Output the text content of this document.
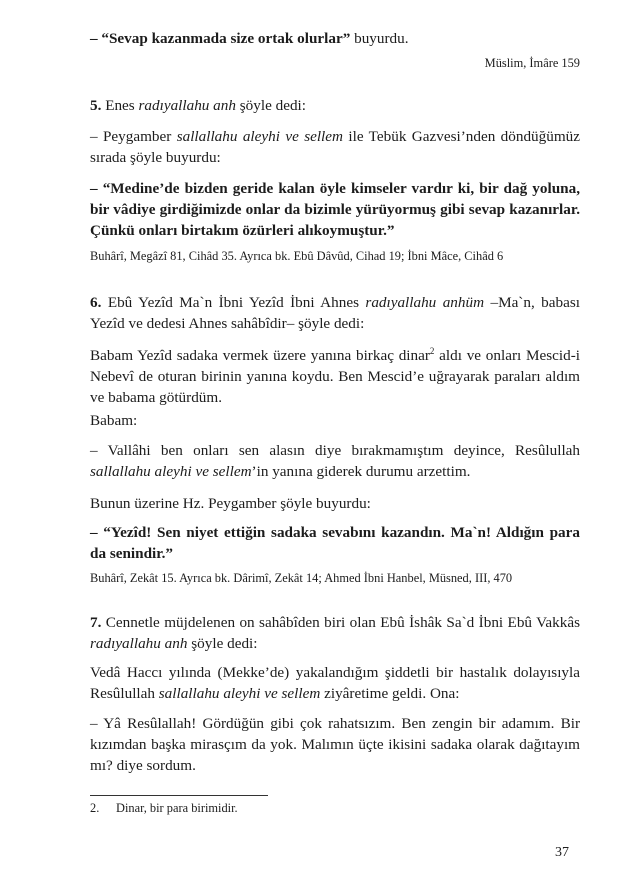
– “Sevap kazanmada size ortak olurlar” buyurdu.

Müslim, İmâre 159

5. Enes radıyallahu anh şöyle dedi:

– Peygamber sallallahu aleyhi ve sellem ile Tebük Gazvesi’nden döndüğümüz sırada şöyle buyurdu:

– “Medine’de bizden geride kalan öyle kimseler vardır ki, bir dağ yoluna, bir vâdiye girdiğimizde onlar da bizimle yürüyormuş gibi sevap kazanırlar. Çünkü onları birtakım özürleri alıkoymuştur.”

Buhârî, Megâzî 81, Cihâd 35. Ayrıca bk. Ebû Dâvûd, Cihad 19; İbni Mâce, Cihâd 6

6. Ebû Yezîd Ma`n İbni Yezîd İbni Ahnes radıyallahu anhüm –Ma`n, babası Yezîd ve dedesi Ahnes sahâbîdir– şöyle dedi:

Babam Yezîd sadaka vermek üzere yanına birkaç dinar$^2$ aldı ve onları Mescid-i Nebevî de oturan birinin yanına koydu. Ben Mescid’e uğrayarak paraları aldım ve babama götürdüm.

Babam:

– Vallâhi ben onları sen alasın diye bırakmamıştım deyince, Resûlullah sallallahu aleyhi ve sellem’in yanına giderek durumu arzettim.

Bunun üzerine Hz. Peygamber şöyle buyurdu:

– “Yezîd! Sen niyet ettiğin sadaka sevabını kazandın. Ma`n! Aldığın para da senindir.”

Buhârî, Zekât 15. Ayrıca bk. Dârimî, Zekât 14; Ahmed İbni Hanbel, Müsned, III, 470

7. Cennetle müjdelenen on sahâbîden biri olan Ebû İshâk Sa`d İbni Ebû Vakkâs radıyallahu anh şöyle dedi:

Vedâ Haccı yılında (Mekke’de) yakalandığım şiddetli bir hastalık dolayısıyla Resûlullah sallallahu aleyhi ve sellem ziyâretime geldi. Ona:

– Yâ Resûlallah! Gördüğün gibi çok rahatsızım. Ben zengin bir adamım. Bir kızımdan başka mirasçım da yok. Malımın üçte ikisini sadaka olarak dağıtayım mı? diye sordum.

2. Dinar, bir para birimidir.
37
